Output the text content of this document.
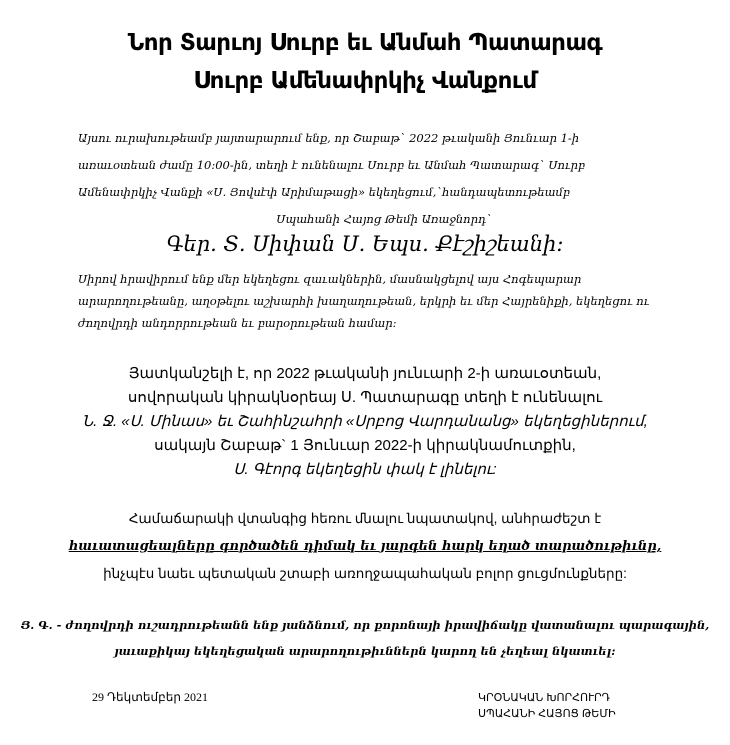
Նոր Տարւոյ Սուրբ եւ Անմահ Պատարագ
Սուրբ Ամենափրկիչ Վանքում
Այսու ուրախութեամբ յայտարարում ենք, որ Շաբաթ` 2022 թւականի Յունւար 1-ի
առաւօտեան ժամը 10:00-ին, տեղի է ունենալու Սուրբ եւ Անմահ Պատարագ` Սուրբ
Ամենափրկիչ Վանքի «Ս. Յովսէփ Արիմաթացի» եկեղեցում,`հանդապետութեամբ
Սպահանի Հայոց Թեմի Առաջնորդ`
Գեր. Տ. Սիփան Ս. Եպս. Քէշիշեանի:
Սիրով հրավիրում ենք մեր եկեղեցու զաւակներին, մասնակցելով այս Հոգեպարար
արարողութեանը, աղօթելու աշխարհի խաղաղութեան, երկրի եւ մեր Հայրենիքի, եկեղեցու ու
ժողովրդի անդորրութեան եւ բարօրութեան համար:
Յատկանշելի է, որ 2022 թւականի յունւարի 2-ի առաւօտեան,
սովորական կիրակնօրեայ Ս. Պատարագը տեղի է ունենալու
Ն. Ջ. «Ս. Մինաս» եւ Շահինշահրի «Սրբոց Վարդանանց» եկեղեցիներում,
սակայն Շաբաթ` 1 Յունւար 2022-ի կիրակնամուտքին,
Ս. Գէորգ եկեղեցին փակ է լինելու:
Համաճարակի վտանգից հեռու մնալու նպատակով, անհրաժեշտ է
հաւատացեալները գործածեն դիմակ եւ յարգեն հարկ եղած տարածութիւնը,
ինչպէս նաեւ պետական շտաբի առողջապահական բոլոր ցուցմունքները:
Յ. Գ. - ժողովրդի ուշադրութեանն ենք յանձնում, որ քորոնայի իրավիճակը վատանալու պարագային,
յաւաքիկայ եկեղեցական արարողութիւններն կարող են չեղեալ նկատւել:
29 Դեկտեմբեր 2021	ԿՐՕՆԱԿԱՆ ԽՈՐՀՈՒՐԴ
ՍՊԱՀԱՆԻ ՀԱՅՈՑ ԹԵՄԻ
